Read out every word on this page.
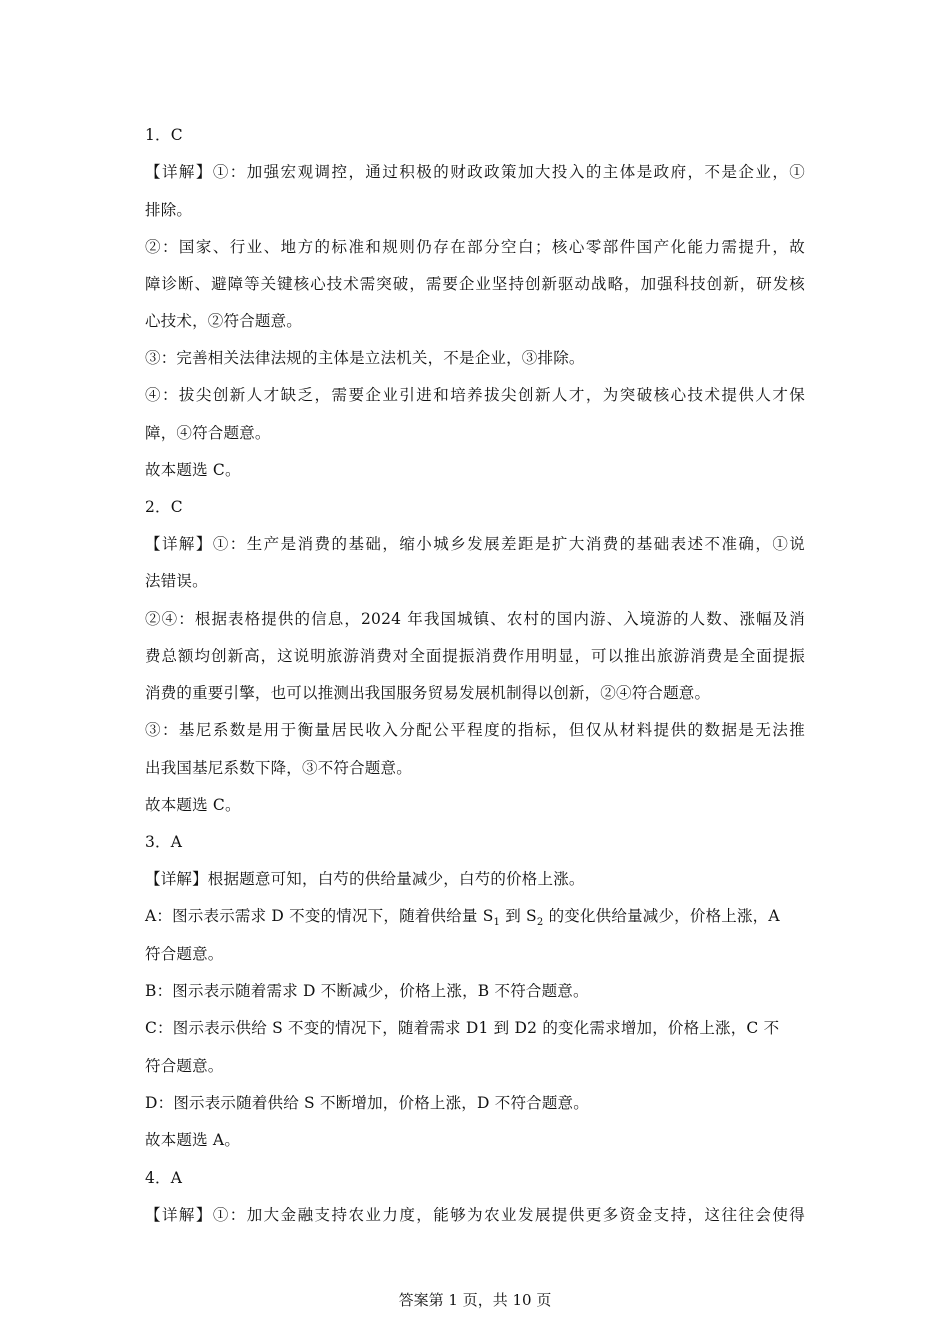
1．C
【详解】①：加强宏观调控，通过积极的财政政策加大投入的主体是政府，不是企业，①
排除。
②：国家、行业、地方的标准和规则仍存在部分空白；核心零部件国产化能力需提升，故
障诊断、避障等关键核心技术需突破，需要企业坚持创新驱动战略，加强科技创新，研发核
心技术，②符合题意。
③：完善相关法律法规的主体是立法机关，不是企业，③排除。
④：拔尖创新人才缺乏，需要企业引进和培养拔尖创新人才，为突破核心技术提供人才保
障，④符合题意。
故本题选 C。
2．C
【详解】①：生产是消费的基础，缩小城乡发展差距是扩大消费的基础表述不准确，①说
法错误。
②④：根据表格提供的信息，2024 年我国城镇、农村的国内游、入境游的人数、涨幅及消
费总额均创新高，这说明旅游消费对全面提振消费作用明显，可以推出旅游消费是全面提振
消费的重要引擎，也可以推测出我国服务贸易发展机制得以创新，②④符合题意。
③：基尼系数是用于衡量居民收入分配公平程度的指标，但仅从材料提供的数据是无法推
出我国基尼系数下降，③不符合题意。
故本题选 C。
3．A
【详解】根据题意可知，白芍的供给量减少，白芍的价格上涨。
A：图示表示需求 D 不变的情况下，随着供给量 $S_1$ 到 $S_2$ 的变化供给量减少，价格上涨，A
符合题意。
B：图示表示随着需求 D 不断减少，价格上涨，B 不符合题意。
C：图示表示供给 S 不变的情况下，随着需求 D1 到 D2 的变化需求增加，价格上涨，C 不
符合题意。
D：图示表示随着供给 S 不断增加，价格上涨，D 不符合题意。
故本题选 A。
4．A
【详解】①：加大金融支持农业力度，能够为农业发展提供更多资金支持，这往往会使得
答案第 1 页，共 10 页
